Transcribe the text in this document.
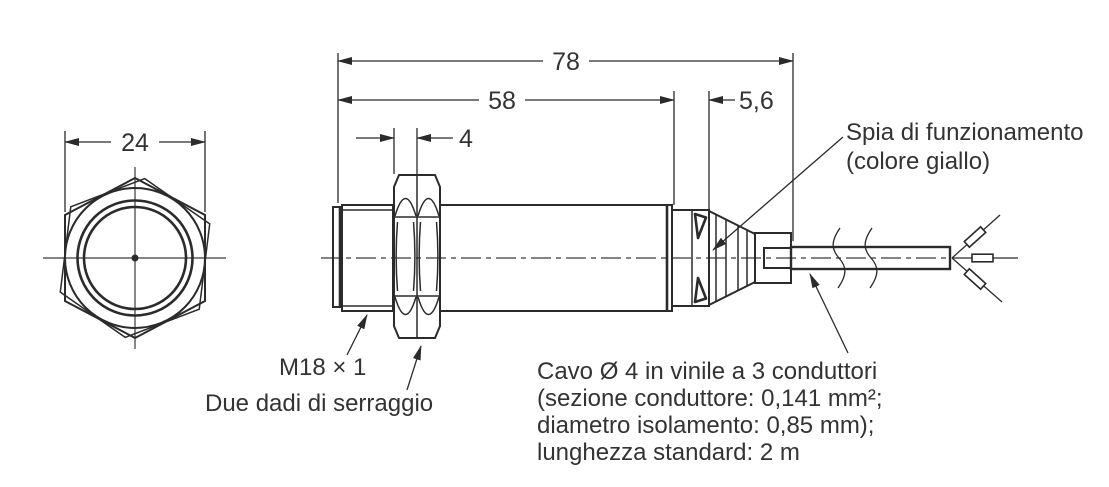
78
58	5,6
4
24	Spia di funzionamento
(colore giallo)
M18 × 1
Due dadi di serraggio
Cavo Ø 4 in vinile a 3 conduttori
(sezione conduttore: 0,141 mm²;
diametro isolamento: 0,85 mm);
lunghezza standard: 2 m
